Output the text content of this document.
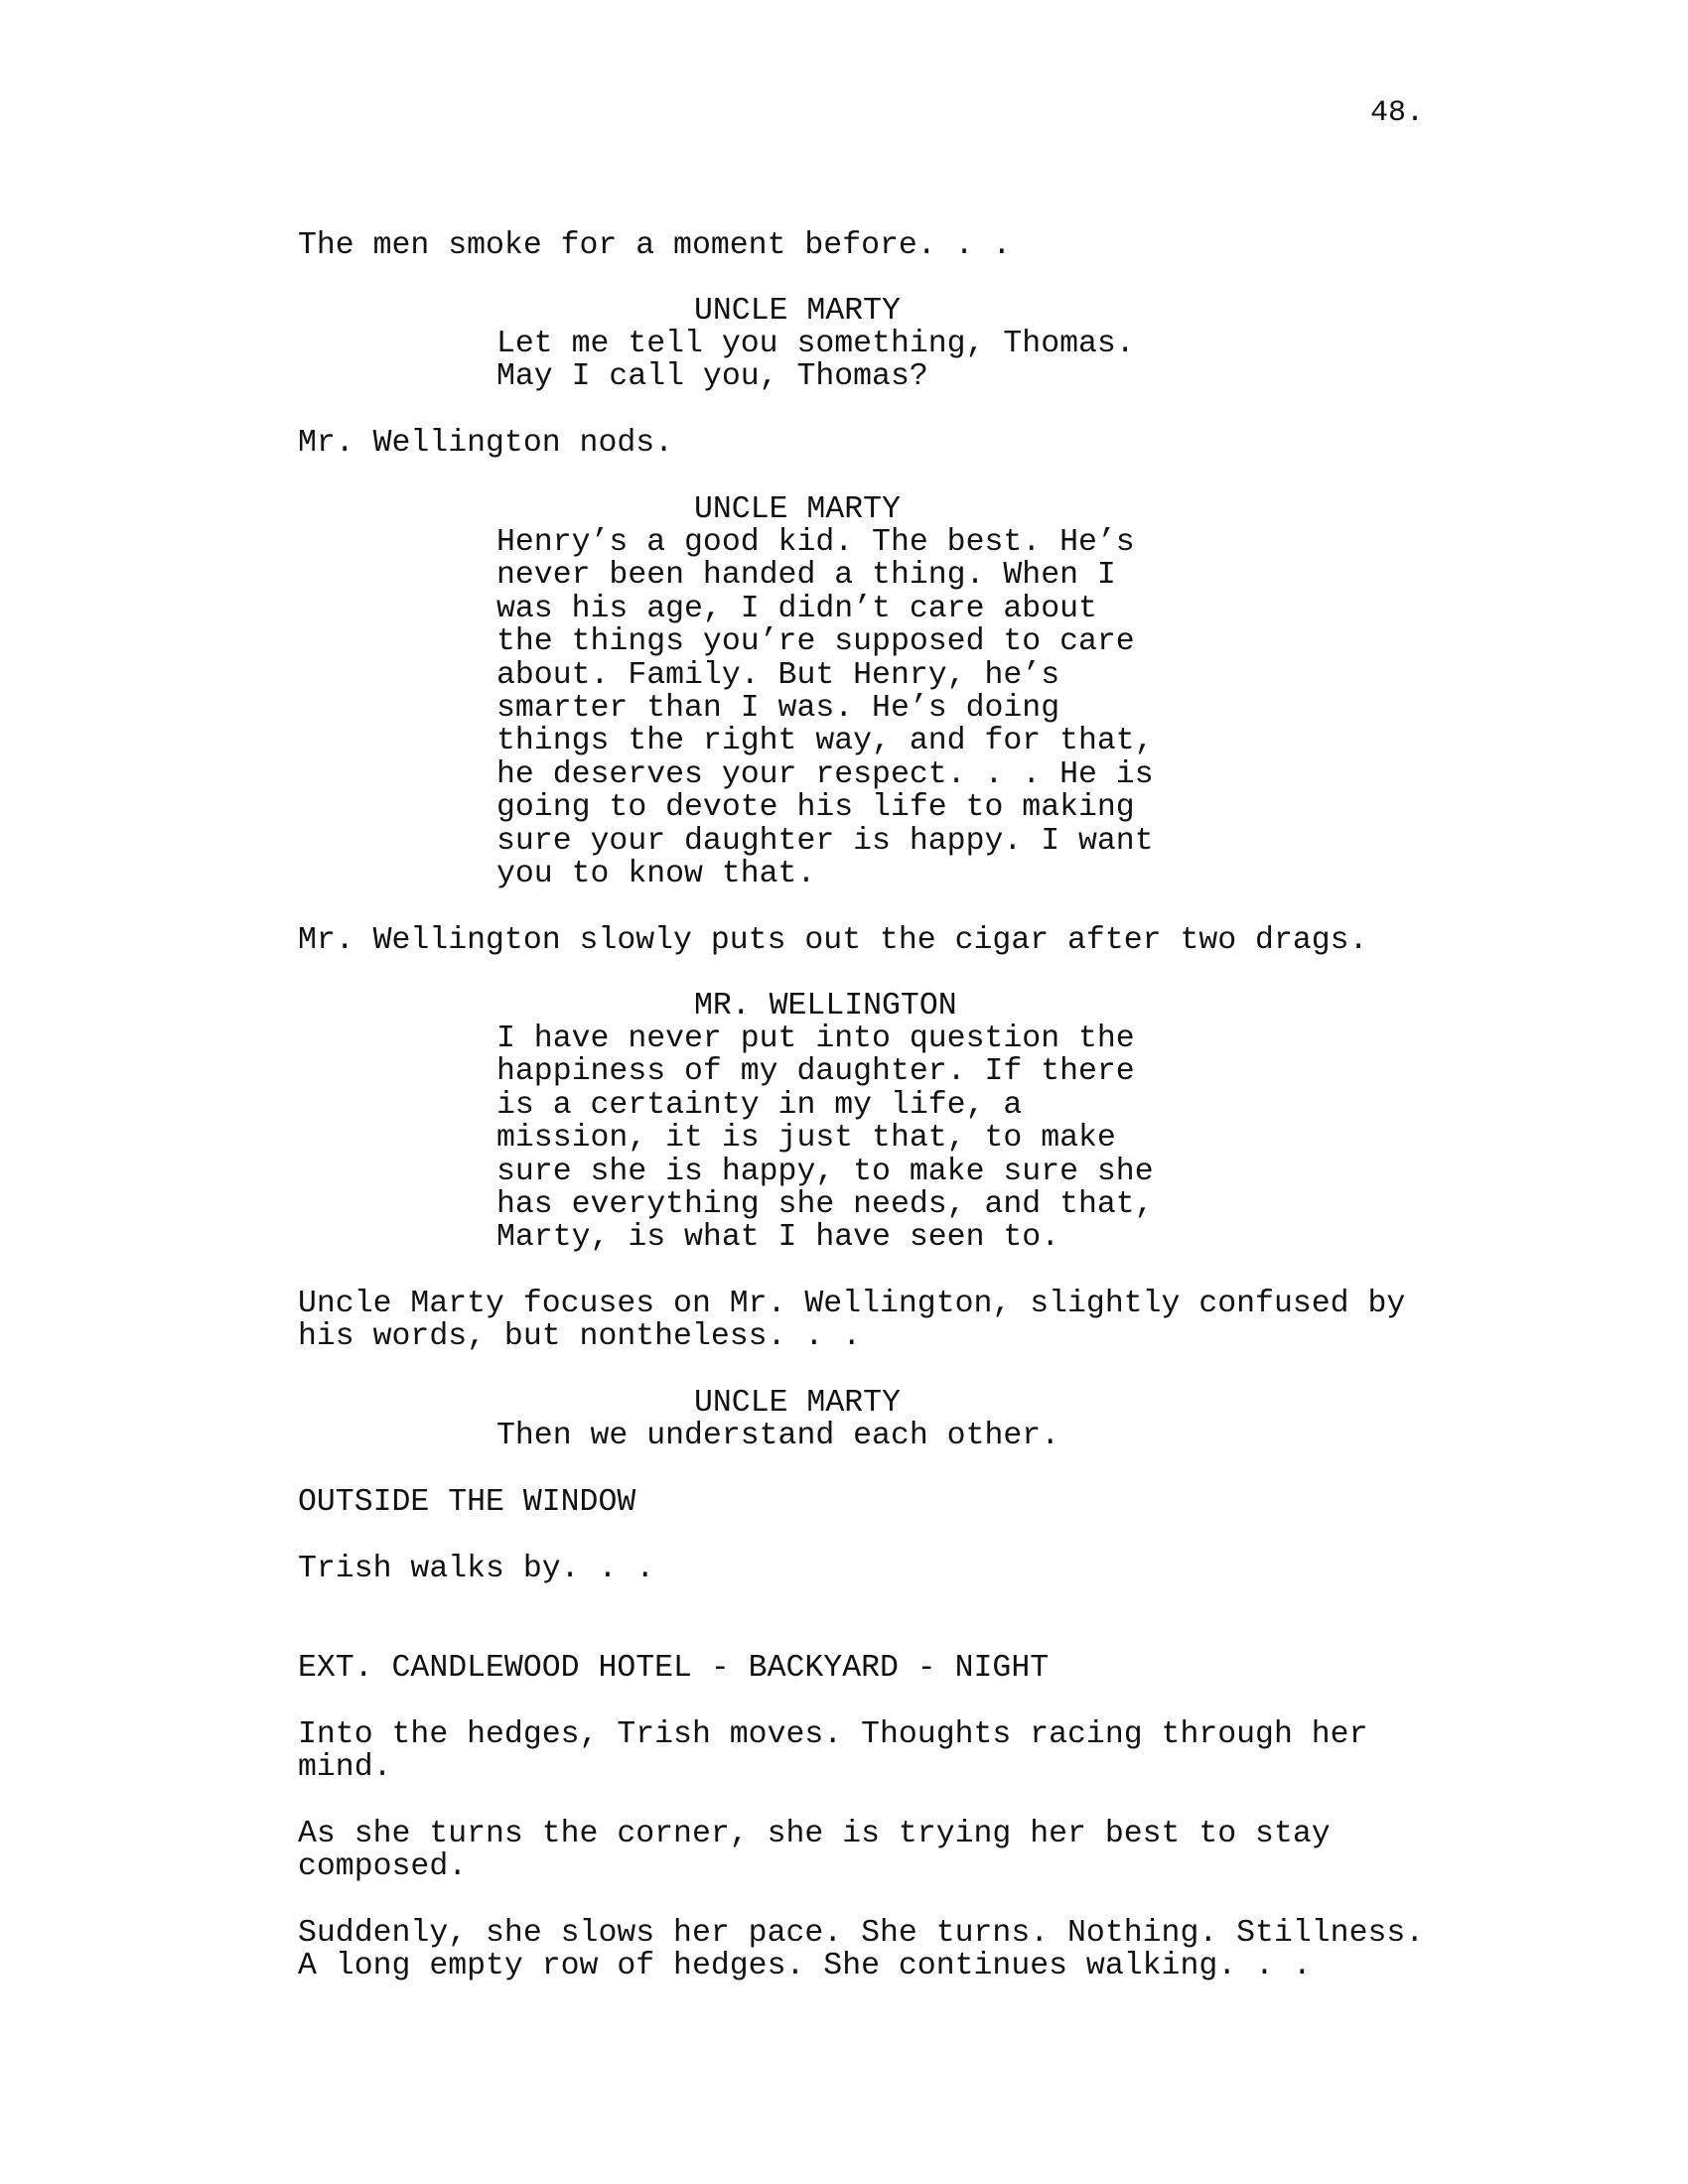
48.
The men smoke for a moment before. . .
UNCLE MARTY
Let me tell you something, Thomas.
May I call you, Thomas?
Mr. Wellington nods.
UNCLE MARTY
Henry’s a good kid. The best. He’s
never been handed a thing. When I
was his age, I didn’t care about
the things you’re supposed to care
about. Family. But Henry, he’s
smarter than I was. He’s doing
things the right way, and for that,
he deserves your respect. . . He is
going to devote his life to making
sure your daughter is happy. I want
you to know that.
Mr. Wellington slowly puts out the cigar after two drags.
MR. WELLINGTON
I have never put into question the
happiness of my daughter. If there
is a certainty in my life, a
mission, it is just that, to make
sure she is happy, to make sure she
has everything she needs, and that,
Marty, is what I have seen to.
Uncle Marty focuses on Mr. Wellington, slightly confused by
his words, but nontheless. . .
UNCLE MARTY
Then we understand each other.
OUTSIDE THE WINDOW
Trish walks by. . .
EXT. CANDLEWOOD HOTEL - BACKYARD - NIGHT
Into the hedges, Trish moves. Thoughts racing through her
mind.
As she turns the corner, she is trying her best to stay
composed.
Suddenly, she slows her pace. She turns. Nothing. Stillness.
A long empty row of hedges. She continues walking. . .
